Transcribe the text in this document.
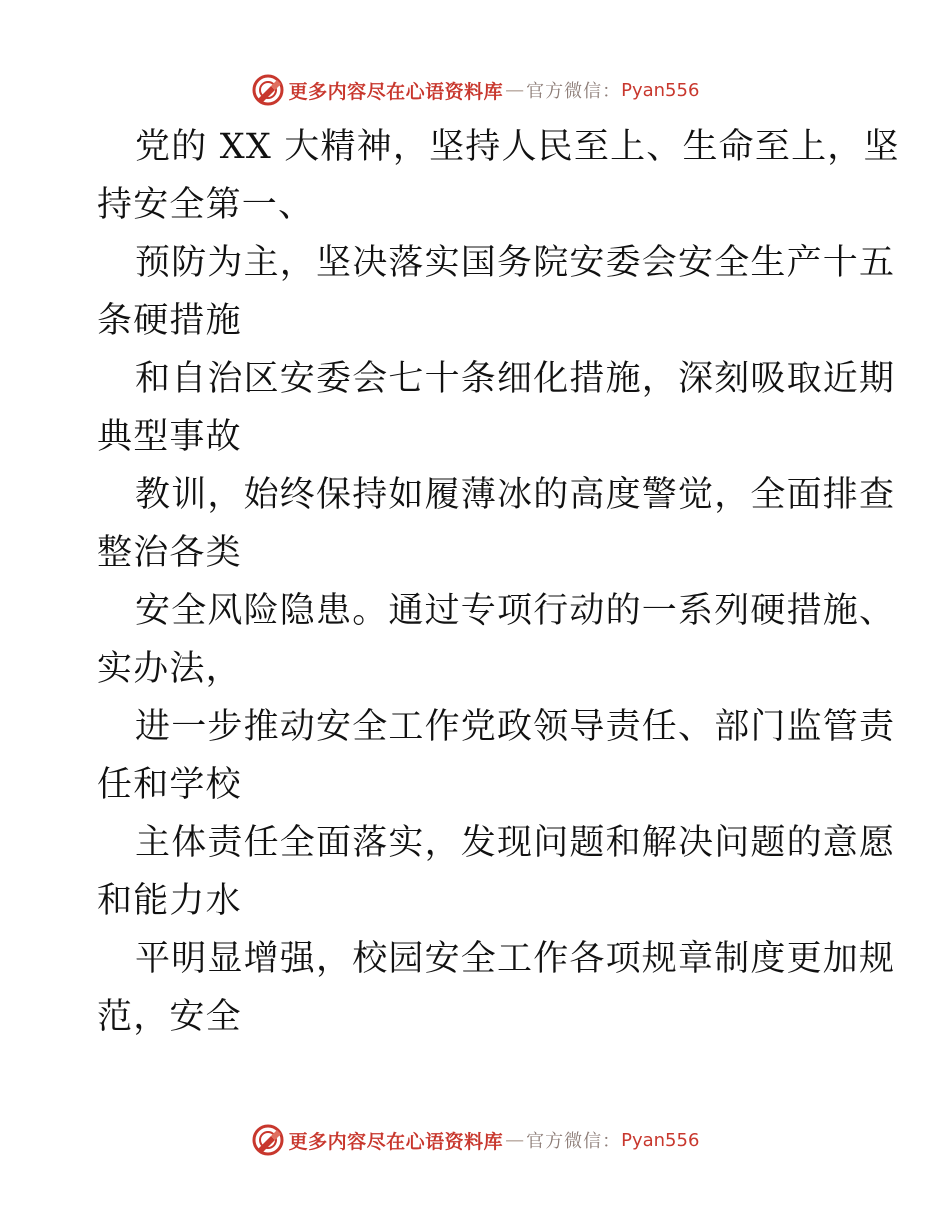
更多内容尽在心语资料库 — 官方微信： Pyan556
党的 XX 大精神，坚持人民至上、生命至上，坚
持安全第一、
预防为主，坚决落实国务院安委会安全生产十五
条硬措施
和自治区安委会七十条细化措施，深刻吸取近期
典型事故
教训，始终保持如履薄冰的高度警觉，全面排查
整治各类
安全风险隐患。通过专项行动的一系列硬措施、
实办法，
进一步推动安全工作党政领导责任、部门监管责
任和学校
主体责任全面落实，发现问题和解决问题的意愿
和能力水
平明显增强，校园安全工作各项规章制度更加规
范，安全
更多内容尽在心语资料库 — 官方微信： Pyan556
